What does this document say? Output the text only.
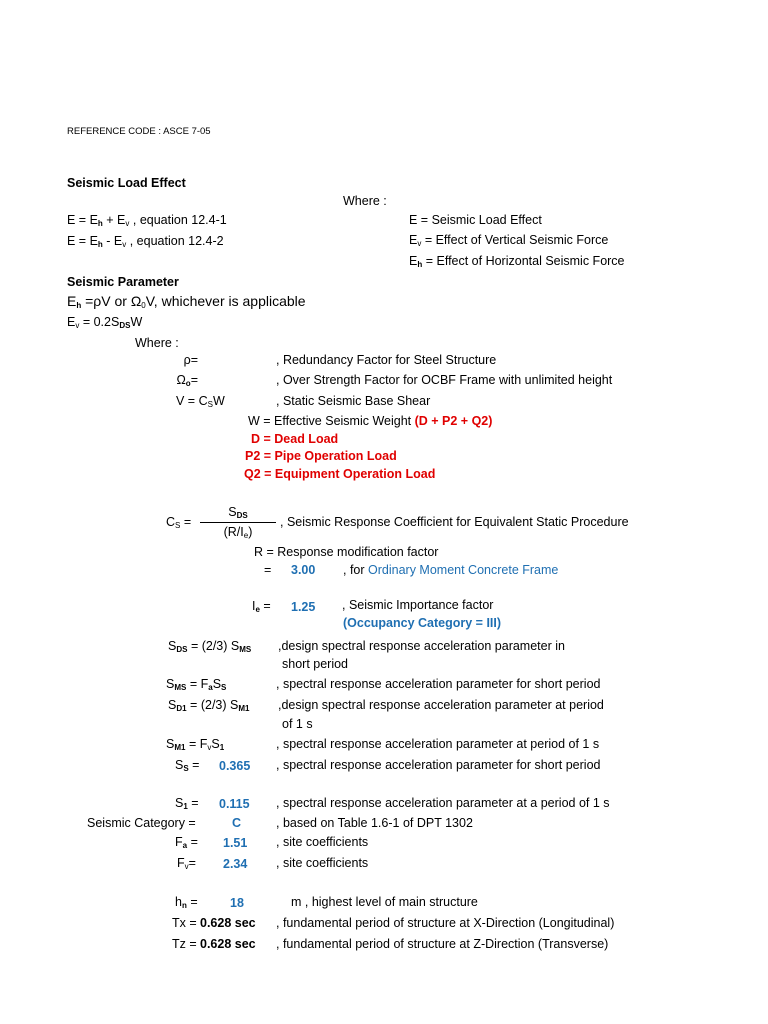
REFERENCE CODE : ASCE 7-05
Seismic Load Effect
Where :
$E = E_h + E_v$ , equation 12.4-1
$E = E_h - E_v$ , equation 12.4-2
E = Seismic Load Effect
$E_v$ = Effect of Vertical Seismic Force
$E_h$ = Effect of Horizontal Seismic Force
Seismic Parameter
$E_h =\rho V$ or $\Omega_0V$, whichever is applicable
$E_v = 0.2S_{DS}W$
Where :
ρ=	, Redundancy Factor for Steel Structure
$\Omega_o=$	, Over Strength Factor for OCBF Frame with unlimited height
$V = C_SW$	, Static Seismic Base Shear
W = Effective Seismic Weight (D + P2 + Q2)
D = Dead Load
P2 = Pipe Operation Load
Q2 = Equipment Operation Load
$C_S$ =
$S_{DS}$
$(R/I_e)$
, Seismic Response Coefficient for Equivalent Static Procedure
R = Response modification factor
= 3.00 , for Ordinary Moment Concrete Frame
$I_e = 1.25$ , Seismic Importance factor
(Occupancy Category = III)
$S_{DS} = (2/3)$ $S_{MS}$ ,design spectral response acceleration parameter in
short period
$S_{MS} = F_aS_S$	, spectral response acceleration parameter for short period
$S_{D1} = (2/3)$ $S_{M1}$ ,design spectral response acceleration parameter at period
of 1 s
$S_{M1} = F_vS_1$	, spectral response acceleration parameter at period of 1 s
$S_S = 0.365$ , spectral response acceleration parameter for short period
$S_1 = 0.115$ , spectral response acceleration parameter at a period of 1 s
Seismic Category =	C	, based on Table 1.6-1 of DPT 1302
$F_a = 1.51$ , site coefficients
$F_v= 2.34$ , site coefficients
$h_n$ =	18	m , highest level of main structure
Tx = 0.628 sec , fundamental period of structure at X-Direction (Longitudinal)
Tz = 0.628 sec , fundamental period of structure at Z-Direction (Transverse)
